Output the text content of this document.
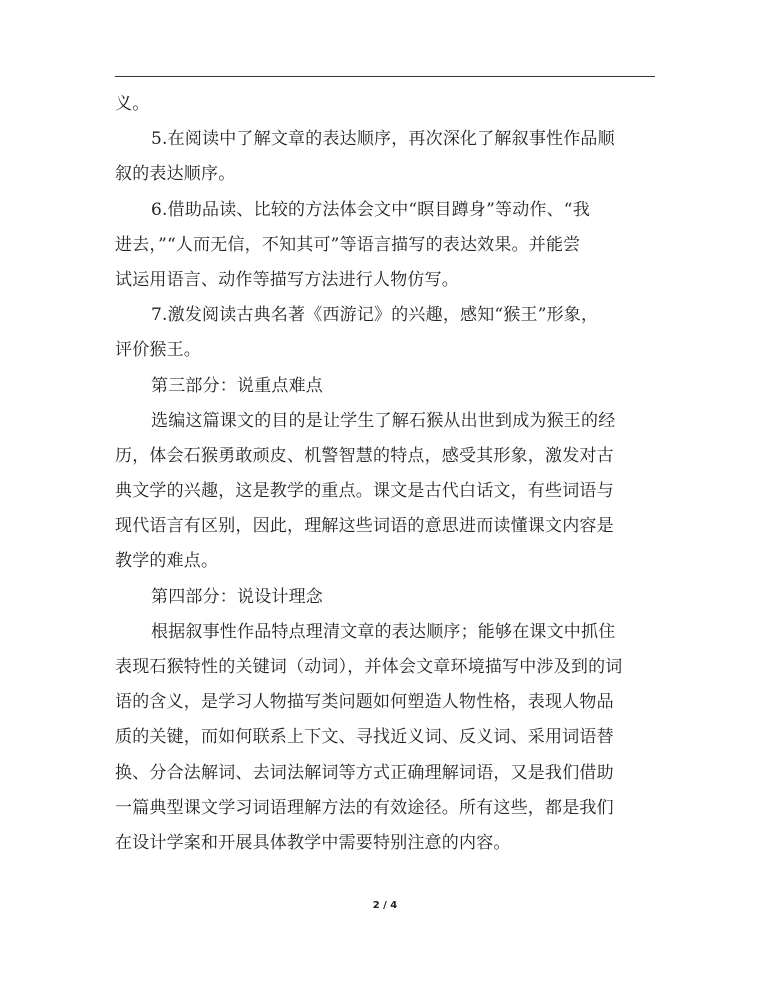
义。
5.在阅读中了解文章的表达顺序，再次深化了解叙事性作品顺
叙的表达顺序。
6.借助品读、比较的方法体会文中“瞑目蹲身”等动作、“我
进去，”“人而无信，不知其可”等语言描写的表达效果。并能尝
试运用语言、动作等描写方法进行人物仿写。
7.激发阅读古典名著《西游记》的兴趣，感知“猴王”形象，
评价猴王。
第三部分：说重点难点
选编这篇课文的目的是让学生了解石猴从出世到成为猴王的经
历，体会石猴勇敢顽皮、机警智慧的特点，感受其形象，激发对古
典文学的兴趣，这是教学的重点。课文是古代白话文，有些词语与
现代语言有区别，因此，理解这些词语的意思进而读懂课文内容是
教学的难点。
第四部分：说设计理念
根据叙事性作品特点理清文章的表达顺序；能够在课文中抓住
表现石猴特性的关键词（动词），并体会文章环境描写中涉及到的词
语的含义，是学习人物描写类问题如何塑造人物性格，表现人物品
质的关键，而如何联系上下文、寻找近义词、反义词、采用词语替
换、分合法解词、去词法解词等方式正确理解词语，又是我们借助
一篇典型课文学习词语理解方法的有效途径。所有这些，都是我们
在设计学案和开展具体教学中需要特别注意的内容。
2 / 4
